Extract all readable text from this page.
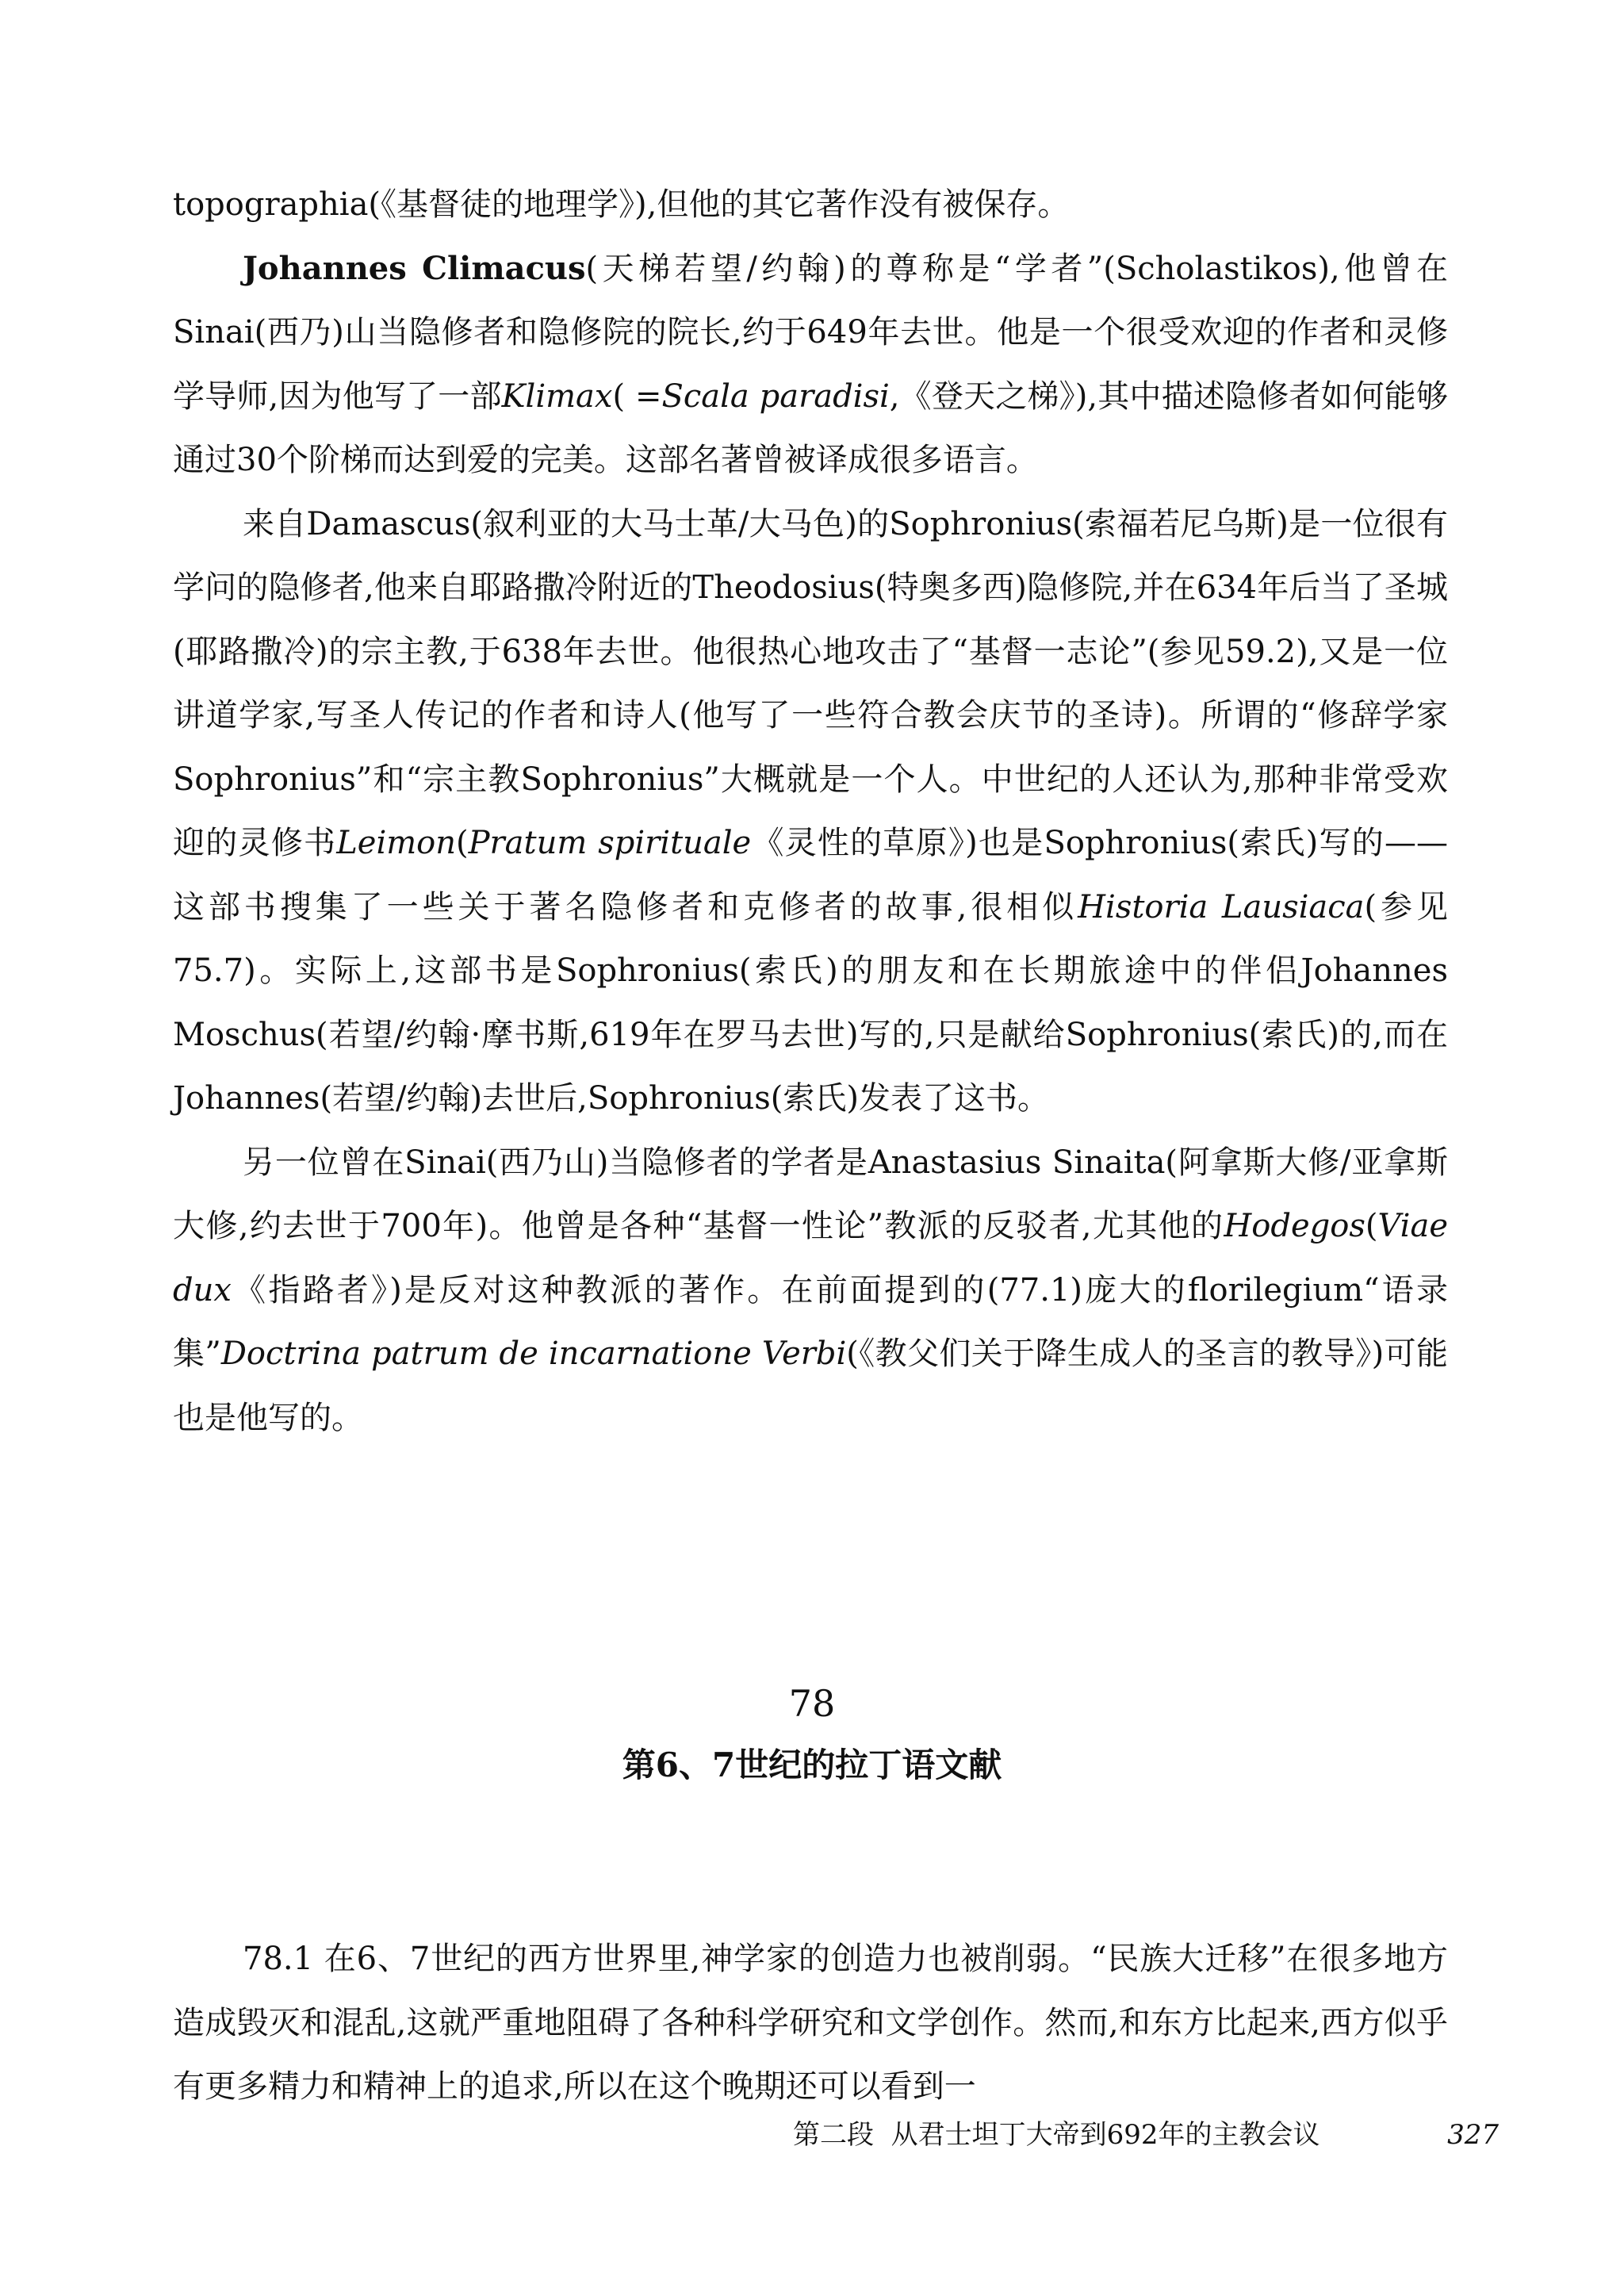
topographia(《基督徒的地理学》),但他的其它著作没有被保存。

Johannes Climacus(天梯若望/约翰)的尊称是“学者”(Scholastikos),他曾在Sinai(西乃)山当隐修者和隐修院的院长,约于649年去世。他是一个很受欢迎的作者和灵修学导师,因为他写了一部Klimax( =Scala paradisi,《登天之梯》),其中描述隐修者如何能够通过30个阶梯而达到爱的完美。这部名著曾被译成很多语言。

来自Damascus(叙利亚的大马士革/大马色)的Sophronius(索福若尼乌斯)是一位很有学问的隐修者,他来自耶路撒冷附近的Theodosius(特奥多西)隐修院,并在634年后当了圣城(耶路撒冷)的宗主教,于638年去世。他很热心地攻击了“基督一志论”(参见59.2),又是一位讲道学家,写圣人传记的作者和诗人(他写了一些符合教会庆节的圣诗)。所谓的“修辞学家Sophronius”和“宗主教Sophronius”大概就是一个人。中世纪的人还认为,那种非常受欢迎的灵修书Leimon(Pratum spirituale《灵性的草原》)也是Sophronius(索氏)写的——这部书搜集了一些关于著名隐修者和克修者的故事,很相似Historia Lausiaca(参见75.7)。实际上,这部书是Sophronius(索氏)的朋友和在长期旅途中的伴侣Johannes Moschus(若望/约翰·摩书斯,619年在罗马去世)写的,只是献给Sophronius(索氏)的,而在Johannes(若望/约翰)去世后,Sophronius(索氏)发表了这书。

另一位曾在Sinai(西乃山)当隐修者的学者是Anastasius Sinaita(阿拿斯大修/亚拿斯大修,约去世于700年)。他曾是各种“基督一性论”教派的反驳者,尤其他的Hodegos(Viae dux《指路者》)是反对这种教派的著作。在前面提到的(77.1)庞大的florilegium“语录集”Doctrina patrum de incarnatione Verbi(《教父们关于降生成人的圣言的教导》)可能也是他写的。

78
第6、7世纪的拉丁语文献

78.1 在6、7世纪的西方世界里,神学家的创造力也被削弱。“民族大迁移”在很多地方造成毁灭和混乱,这就严重地阻碍了各种科学研究和文学创作。然而,和东方比起来,西方似乎有更多精力和精神上的追求,所以在这个晚期还可以看到一

第二段 从君士坦丁大帝到692年的主教会议	327
